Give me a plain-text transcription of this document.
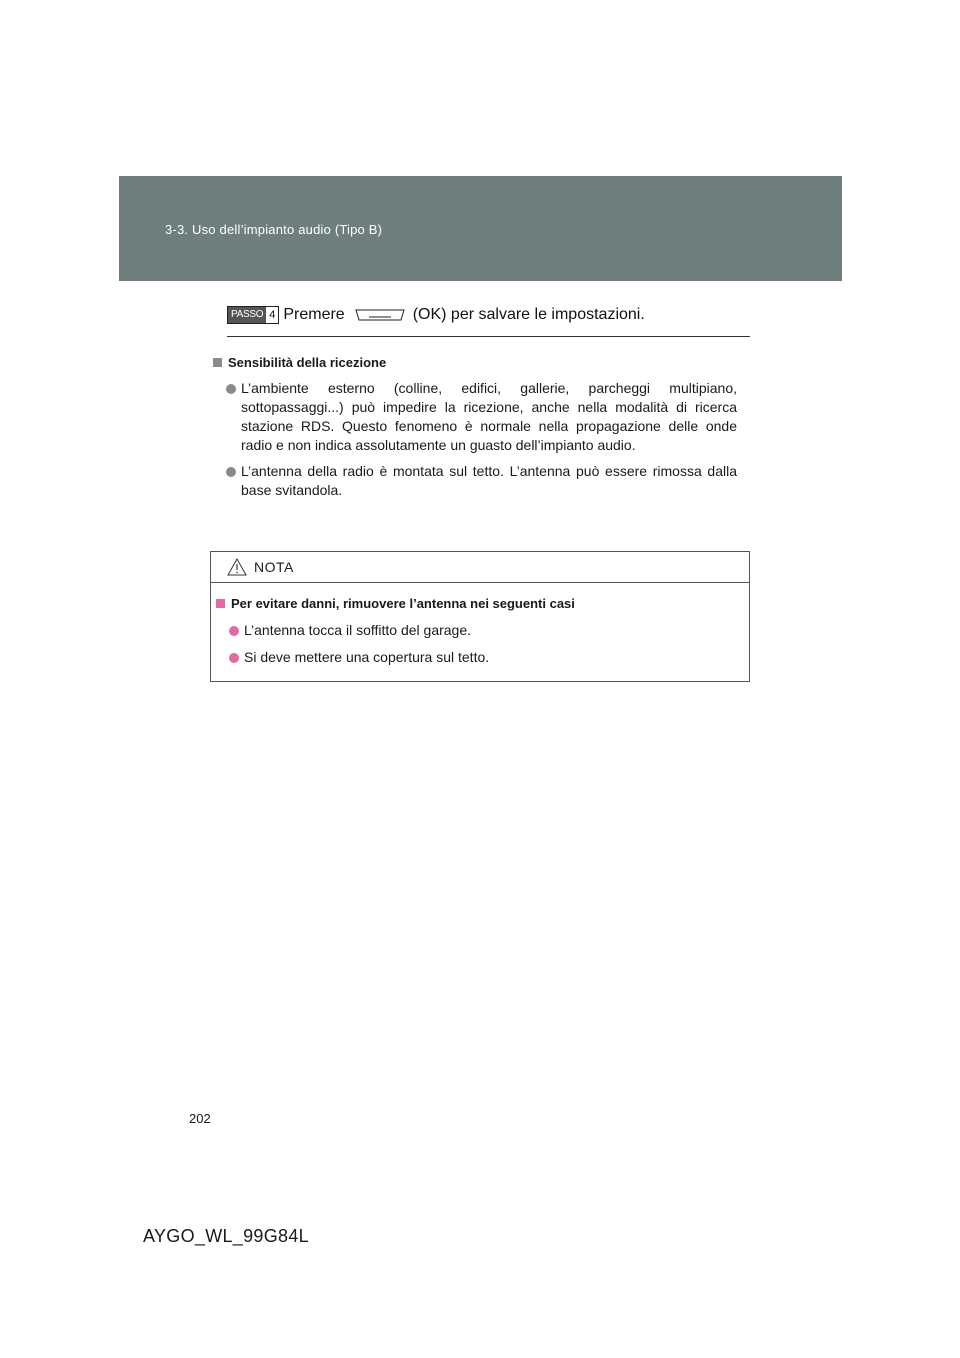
3-3. Uso dell’impianto audio (Tipo B)
PASSO 4 Premere	(OK) per salvare le impostazioni.
Sensibilità della ricezione
L’ambiente esterno (colline, edifici, gallerie, parcheggi multipiano, sottopassaggi...) può impedire la ricezione, anche nella modalità di ricerca stazione RDS. Questo fenomeno è normale nella propagazione delle onde radio e non indica assolutamente un guasto dell’impianto audio.
L’antenna della radio è montata sul tetto. L’antenna può essere rimossa dalla base svitandola.
NOTA
Per evitare danni, rimuovere l’antenna nei seguenti casi
L’antenna tocca il soffitto del garage.
Si deve mettere una copertura sul tetto.
202
AYGO_WL_99G84L
